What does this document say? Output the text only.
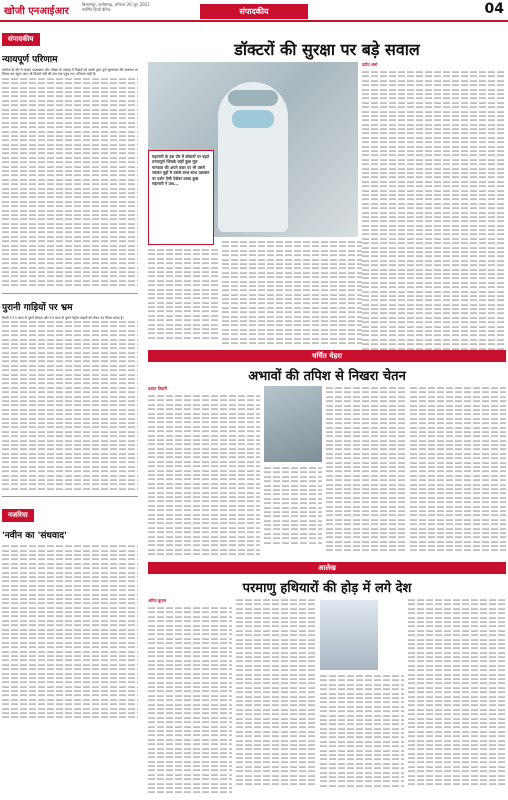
खोजी एनआईआर
बिलासपुर, छत्तीसगढ़, शनिवार 26 जून 2021
स्वर्णिम हिन्दी दैनिक	संपादकीय	04
संपादकीय
न्यायपूर्ण परिणाम

कोरोना के दौर में पात्रता पाठ्यक्रम और परीक्षा के उत्साह में पिछले को उसके द्वारा पूर्ण मूल्यांकन की व्यवस्था पर विचार कर स्कूल आए जो पिछले वर्षों की सत्र तक पहुंच गए। परिणाम सही हैं।

पुरानी गाड़ियों पर भ्रम

किसी ने 15 साल से पुराने डीजल और 10 साल से पुराने पेट्रोल वाहनों को लेकर नए नियम बनाए हैं।

नजरिया
'नवीन का 'संधवाद'
डॉक्टरों की सुरक्षा पर बड़े सवाल
महामारी के इस दौर में डॉक्टरों पर बढ़ते तनावपूर्ण जिसके कहीं कुछ मूल मानवता की अपने वक्त पर भी उसमे ज्वलंत मुद्दों मे उसके साथ-साथ प्रशासन पर दर्शन ऐसी पेशेवर दबाव कुछ महामारी ने प्रश्न...
प्रदीप शर्मा
चर्चित चेहरा
अभावों की तपिश से निखरा चेतन
प्रशांत तिवारी
आलेख
परमाणु हथियारों की होड़ में लगे देश
अमित कुमार
